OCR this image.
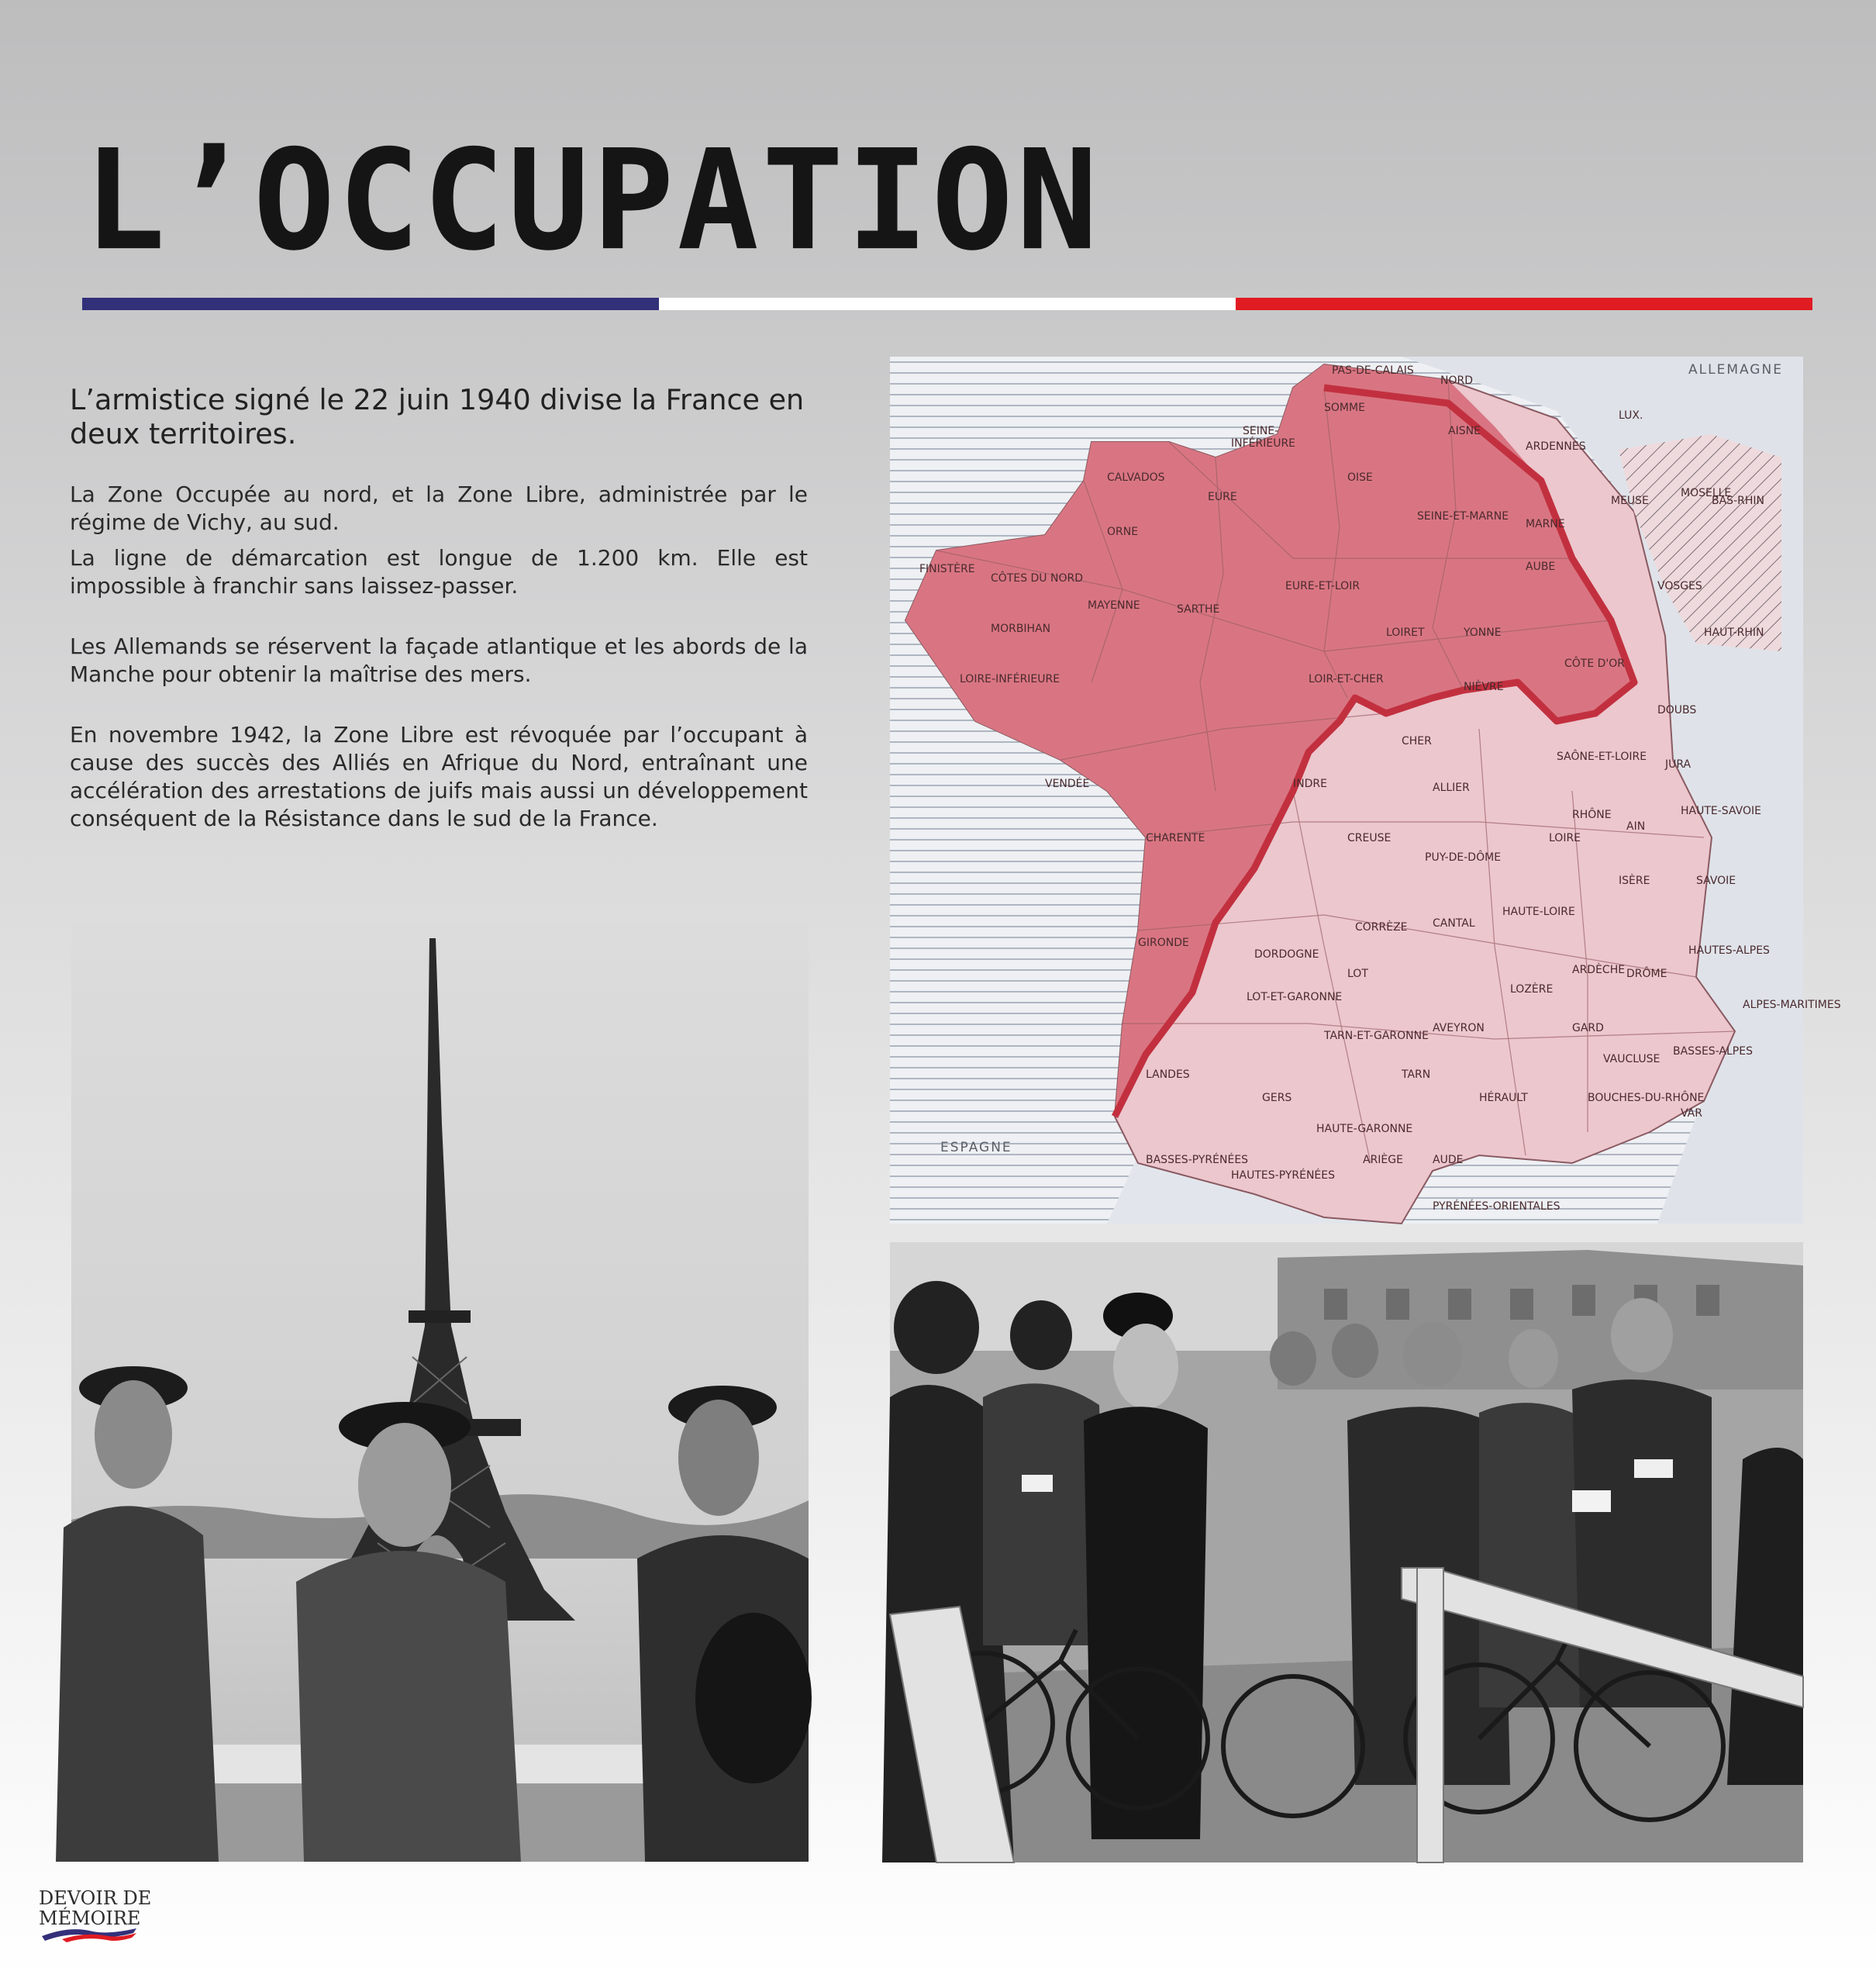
L’OCCUPATION

L’armistice signé le 22 juin 1940 divise la France en deux territoires.

La Zone Occupée au nord, et la Zone Libre, administrée par le régime de Vichy, au sud.

La ligne de démarcation est longue de 1.200 km. Elle est impossible à franchir sans laissez-passer.

Les Allemands se réservent la façade atlantique et les abords de la Manche pour obtenir la maîtrise des mers.

En novembre 1942, la Zone Libre est révoquée par l’occupant à cause des succès des Alliés en Afrique du Nord, entraînant une accélération des arrestations de juifs mais aussi un développement conséquent de la Résistance dans le sud de la France.

ALLEMAGNE
ESPAGNE
LUX.
PAS-DE-CALAIS
NORD
SOMME
AISNE
ARDENNES
SEINE-
INFÉRIEURE
OISE
MARNE
MEUSE
MOSELLE
BAS-RHIN
FINISTÈRE
CÔTES DU NORD
CALVADOS
ORNE
EURE
SEINE-ET-MARNE
AUBE
VOSGES
HAUT-RHIN
MORBIHAN
MAYENNE	SARTHE
EURE-ET-LOIR
LOIRET	YONNE
CÔTE D'OR
DOUBS
LOIRE-INFÉRIEURE	LOIR-ET-CHER
CHER
NIÈVRE
SAÔNE-ET-LOIRE
JURA
VENDÉE	INDRE	ALLIER
HAUTE-SAVOIE
CREUSE
PUY-DE-DÔME
LOIRE
RHÔNE
AIN
SAVOIE
ISÈRE
CHARENTE
GIRONDE
DORDOGNE
CORRÈZE CANTAL
HAUTE-LOIRE
ARDÈCHE DRÔME
HAUTES-ALPES
LANDES
LOT-ET-GARONNE
LOT
AVEYRON
LOZÈRE
GARD
VAUCLUSE
BASSES-ALPES
ALPES-MARITIMES
GERS
TARN-ET-GARONNE
TARN
HÉRAULT	BOUCHES-DU-RHÔNE
VAR
BASSES-PYRÉNÉES
HAUTES-PYRÉNÉES
HAUTE-GARONNE
ARIÈGE	AUDE
PYRÉNÉES-ORIENTALES
DEVOIR DE
MÉMOIRE
